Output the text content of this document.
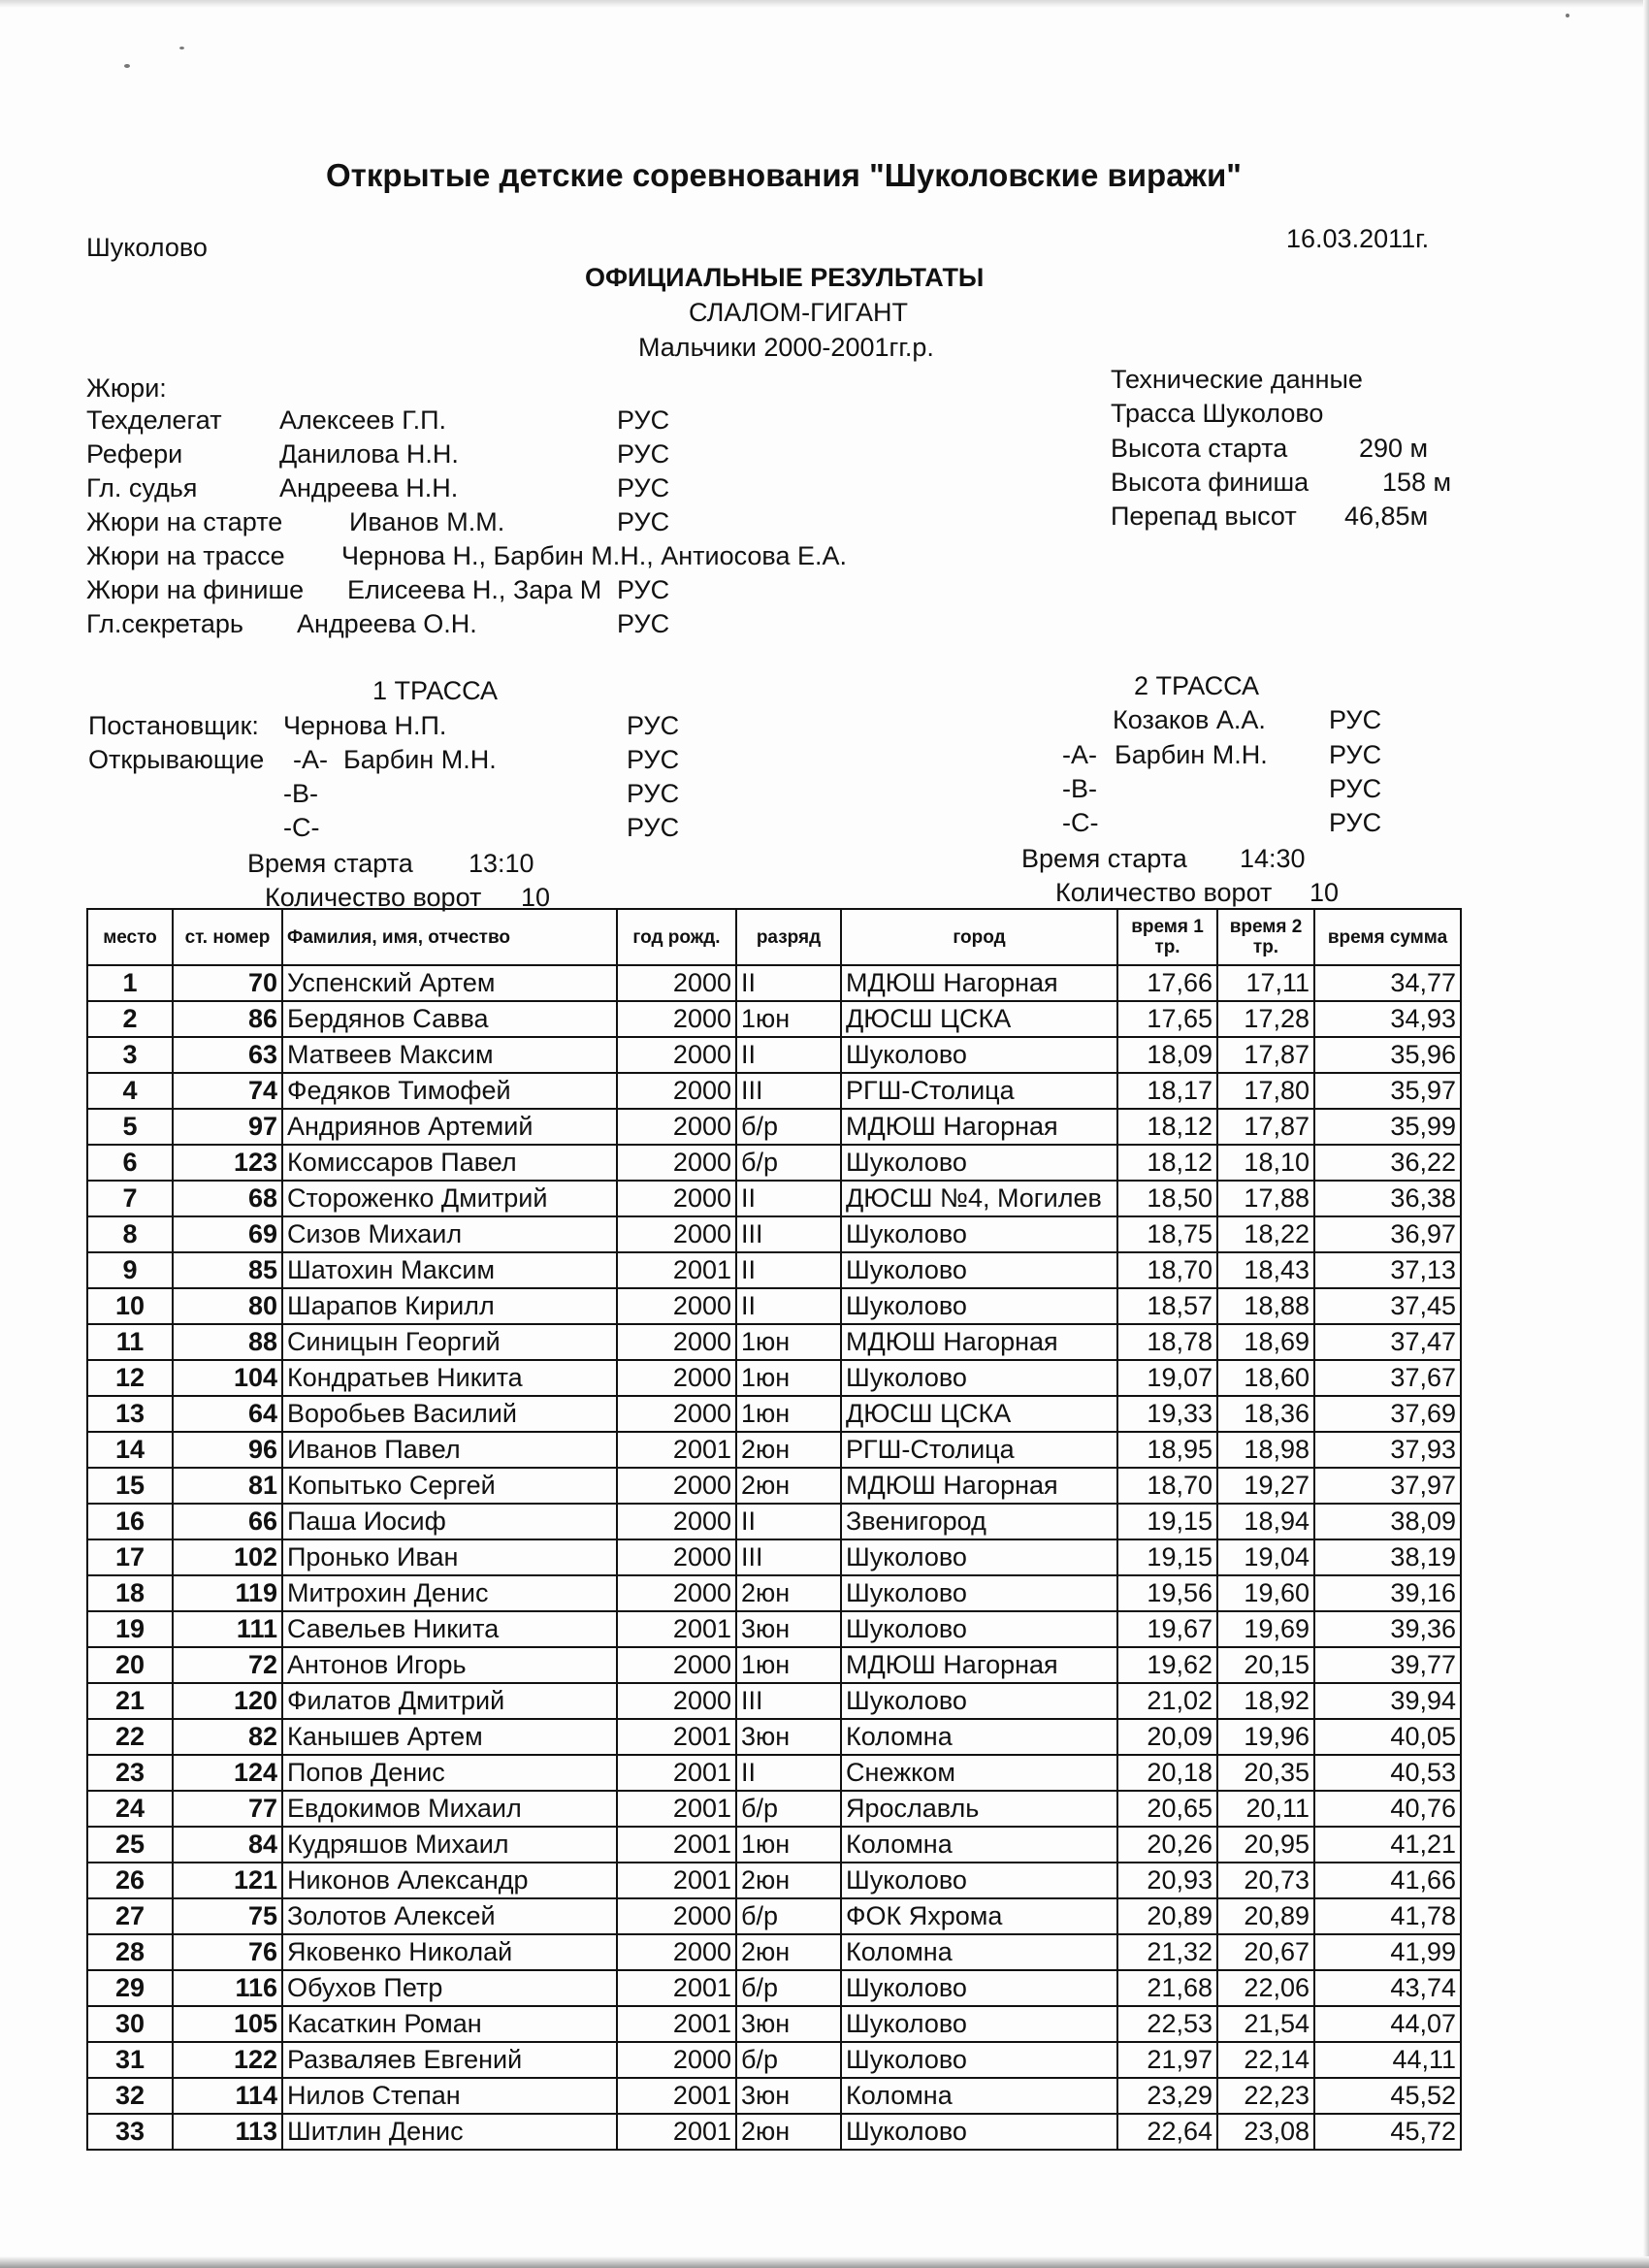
Открытые детские соревнования "Шуколовские виражи"
Шуколово	16.03.2011г.
ОФИЦИАЛЬНЫЕ РЕЗУЛЬТАТЫ
СЛАЛОМ-ГИГАНТ
Мальчики 2000-2001гг.р.
Жюри:
Техделегат Алексеев Г.П.	РУС
Рефери	Данилова Н.Н.	РУС
Гл. судья	Андреева Н.Н.	РУС
Жюри на старте	Иванов М.М.	РУС
Жюри на трассе Чернова Н., Барбин М.Н., Антиосова Е.А.
Жюри на финише Елисеева Н., Зара М РУС
Гл.секретарь Андреева О.Н.	РУС
Технические данные
Трасса Шуколово
Высота старта	290 м
Высота финиша	158 м
Перепад высот 46,85м
1 ТРАССА
Постановщик: Чернова Н.П.	РУС
Открывающие -А- Барбин М.Н.	РУС
-В-	РУС
-С-	РУС
Время старта 13:10
Количество ворот 10
2 ТРАССА
Козаков А.А. РУС
-А- Барбин М.Н. РУС
-В-	РУС
-С-	РУС
Время старта 14:30
Количество ворот 10
место	ст. номер	Фамилия, имя, отчество	год рожд.	разряд	город	время 1 тр.	время 2 тр.	время сумма
1	70	Успенский Артем	2000	II	МДЮШ Нагорная	17,66	17,11	34,77
2	86	Бердянов Савва	2000	1юн	ДЮСШ ЦСКА	17,65	17,28	34,93
3	63	Матвеев Максим	2000	II	Шуколово	18,09	17,87	35,96
4	74	Федяков Тимофей	2000	III	РГШ-Столица	18,17	17,80	35,97
5	97	Андриянов Артемий	2000	б/р	МДЮШ Нагорная	18,12	17,87	35,99
6	123	Комиссаров Павел	2000	б/р	Шуколово	18,12	18,10	36,22
7	68	Стороженко Дмитрий	2000	II	ДЮСШ №4, Могилев	18,50	17,88	36,38
8	69	Сизов Михаил	2000	III	Шуколово	18,75	18,22	36,97
9	85	Шатохин Максим	2001	II	Шуколово	18,70	18,43	37,13
10	80	Шарапов Кирилл	2000	II	Шуколово	18,57	18,88	37,45
11	88	Синицын Георгий	2000	1юн	МДЮШ Нагорная	18,78	18,69	37,47
12	104	Кондратьев Никита	2000	1юн	Шуколово	19,07	18,60	37,67
13	64	Воробьев Василий	2000	1юн	ДЮСШ ЦСКА	19,33	18,36	37,69
14	96	Иванов Павел	2001	2юн	РГШ-Столица	18,95	18,98	37,93
15	81	Копытько Сергей	2000	2юн	МДЮШ Нагорная	18,70	19,27	37,97
16	66	Паша Иосиф	2000	II	Звенигород	19,15	18,94	38,09
17	102	Пронько Иван	2000	III	Шуколово	19,15	19,04	38,19
18	119	Митрохин Денис	2000	2юн	Шуколово	19,56	19,60	39,16
19	111	Савельев Никита	2001	3юн	Шуколово	19,67	19,69	39,36
20	72	Антонов Игорь	2000	1юн	МДЮШ Нагорная	19,62	20,15	39,77
21	120	Филатов Дмитрий	2000	III	Шуколово	21,02	18,92	39,94
22	82	Канышев Артем	2001	3юн	Коломна	20,09	19,96	40,05
23	124	Попов Денис	2001	II	Снежком	20,18	20,35	40,53
24	77	Евдокимов Михаил	2001	б/р	Ярославль	20,65	20,11	40,76
25	84	Кудряшов Михаил	2001	1юн	Коломна	20,26	20,95	41,21
26	121	Никонов Александр	2001	2юн	Шуколово	20,93	20,73	41,66
27	75	Золотов Алексей	2000	б/р	ФОК Яхрома	20,89	20,89	41,78
28	76	Яковенко Николай	2000	2юн	Коломна	21,32	20,67	41,99
29	116	Обухов Петр	2001	б/р	Шуколово	21,68	22,06	43,74
30	105	Касаткин Роман	2001	3юн	Шуколово	22,53	21,54	44,07
31	122	Разваляев Евгений	2000	б/р	Шуколово	21,97	22,14	44,11
32	114	Нилов Степан	2001	3юн	Коломна	23,29	22,23	45,52
33	113	Шитлин Денис	2001	2юн	Шуколово	22,64	23,08	45,72
